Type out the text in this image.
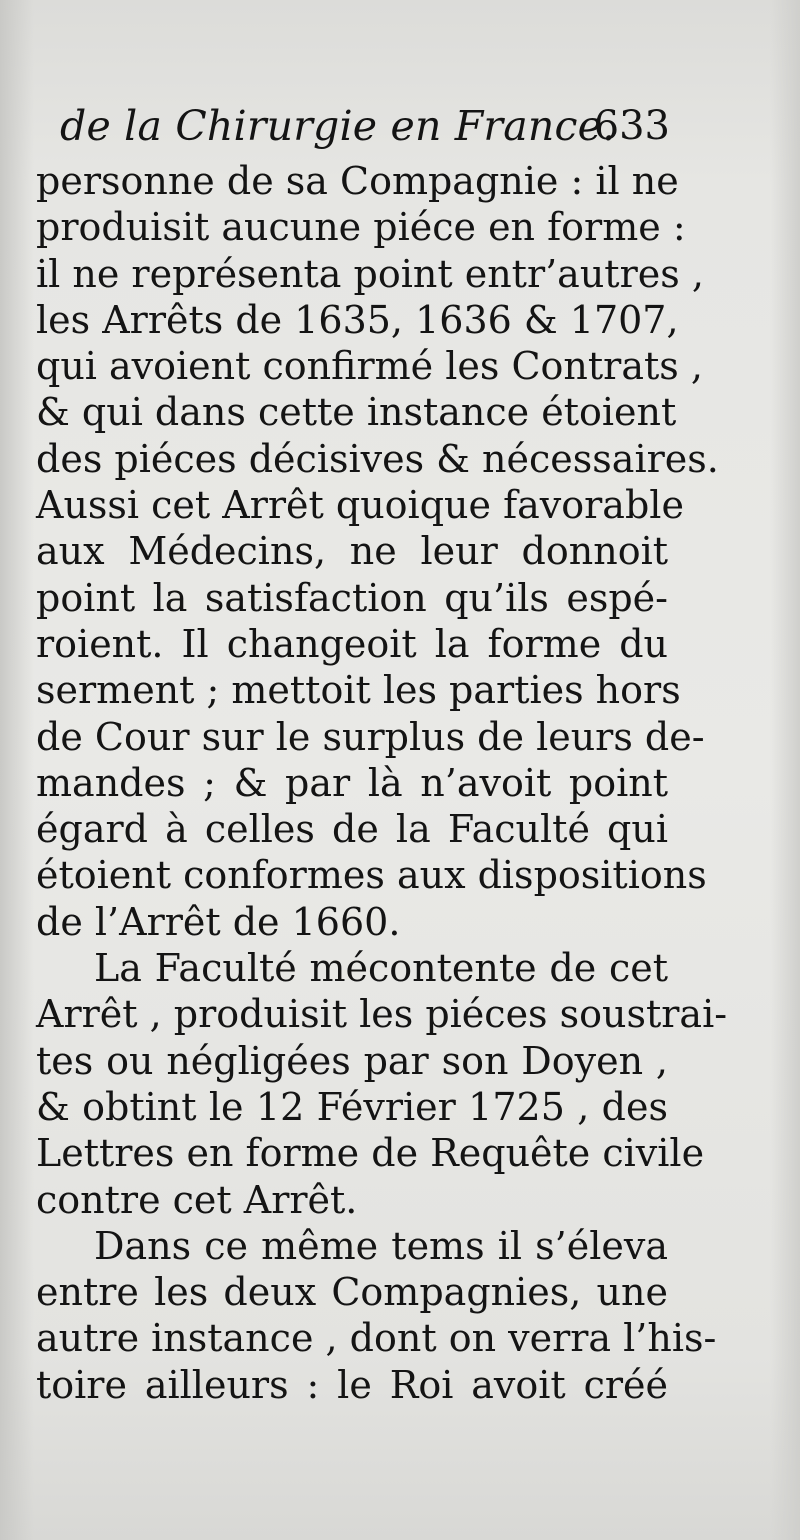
de la Chirurgie en France.
633
personne de sa Compagnie : il ne
produisit aucune piéce en forme :
il ne représenta point entr’autres ,
les Arrêts de 1635, 1636 & 1707,
qui avoient confirmé les Contrats ,
& qui dans cette instance étoient
des piéces décisives & nécessaires.
Aussi cet Arrêt quoique favorable
aux Médecins, ne leur donnoit
point la satisfaction qu’ils espé-
roient. Il changeoit la forme du
serment ; mettoit les parties hors
de Cour sur le surplus de leurs de-
mandes ; & par là n’avoit point
égard à celles de la Faculté qui
étoient conformes aux dispositions
de l’Arrêt de 1660.
La Faculté mécontente de cet
Arrêt , produisit les piéces soustrai-
tes ou négligées par son Doyen ,
& obtint le 12 Février 1725 , des
Lettres en forme de Requête civile
contre cet Arrêt.
Dans ce même tems il s’éleva
entre les deux Compagnies, une
autre instance , dont on verra l’his-
toire ailleurs : le Roi avoit créé
